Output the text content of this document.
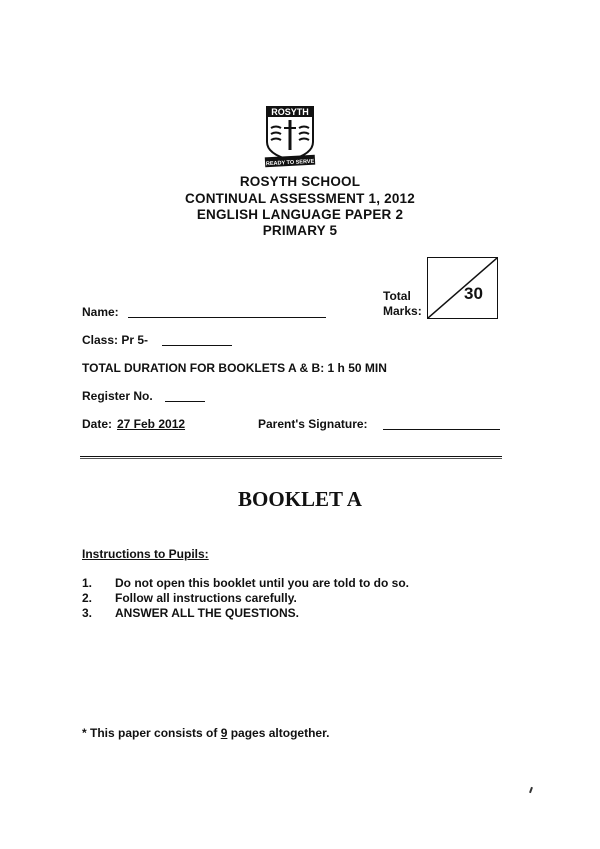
ROSYTH
READY TO SERVE
ROSYTH SCHOOL
CONTINUAL ASSESSMENT 1, 2012
ENGLISH LANGUAGE PAPER 2
PRIMARY 5
Total
Marks:
30
Name:
Class: Pr 5-
TOTAL DURATION FOR BOOKLETS A & B: 1 h 50 MIN
Register No.
Date: 27 Feb 2012	Parent's Signature:
BOOKLET A
Instructions to Pupils:
1. Do not open this booklet until you are told to do so.
2. Follow all instructions carefully.
3. ANSWER ALL THE QUESTIONS.
* This paper consists of 9 pages altogether.
